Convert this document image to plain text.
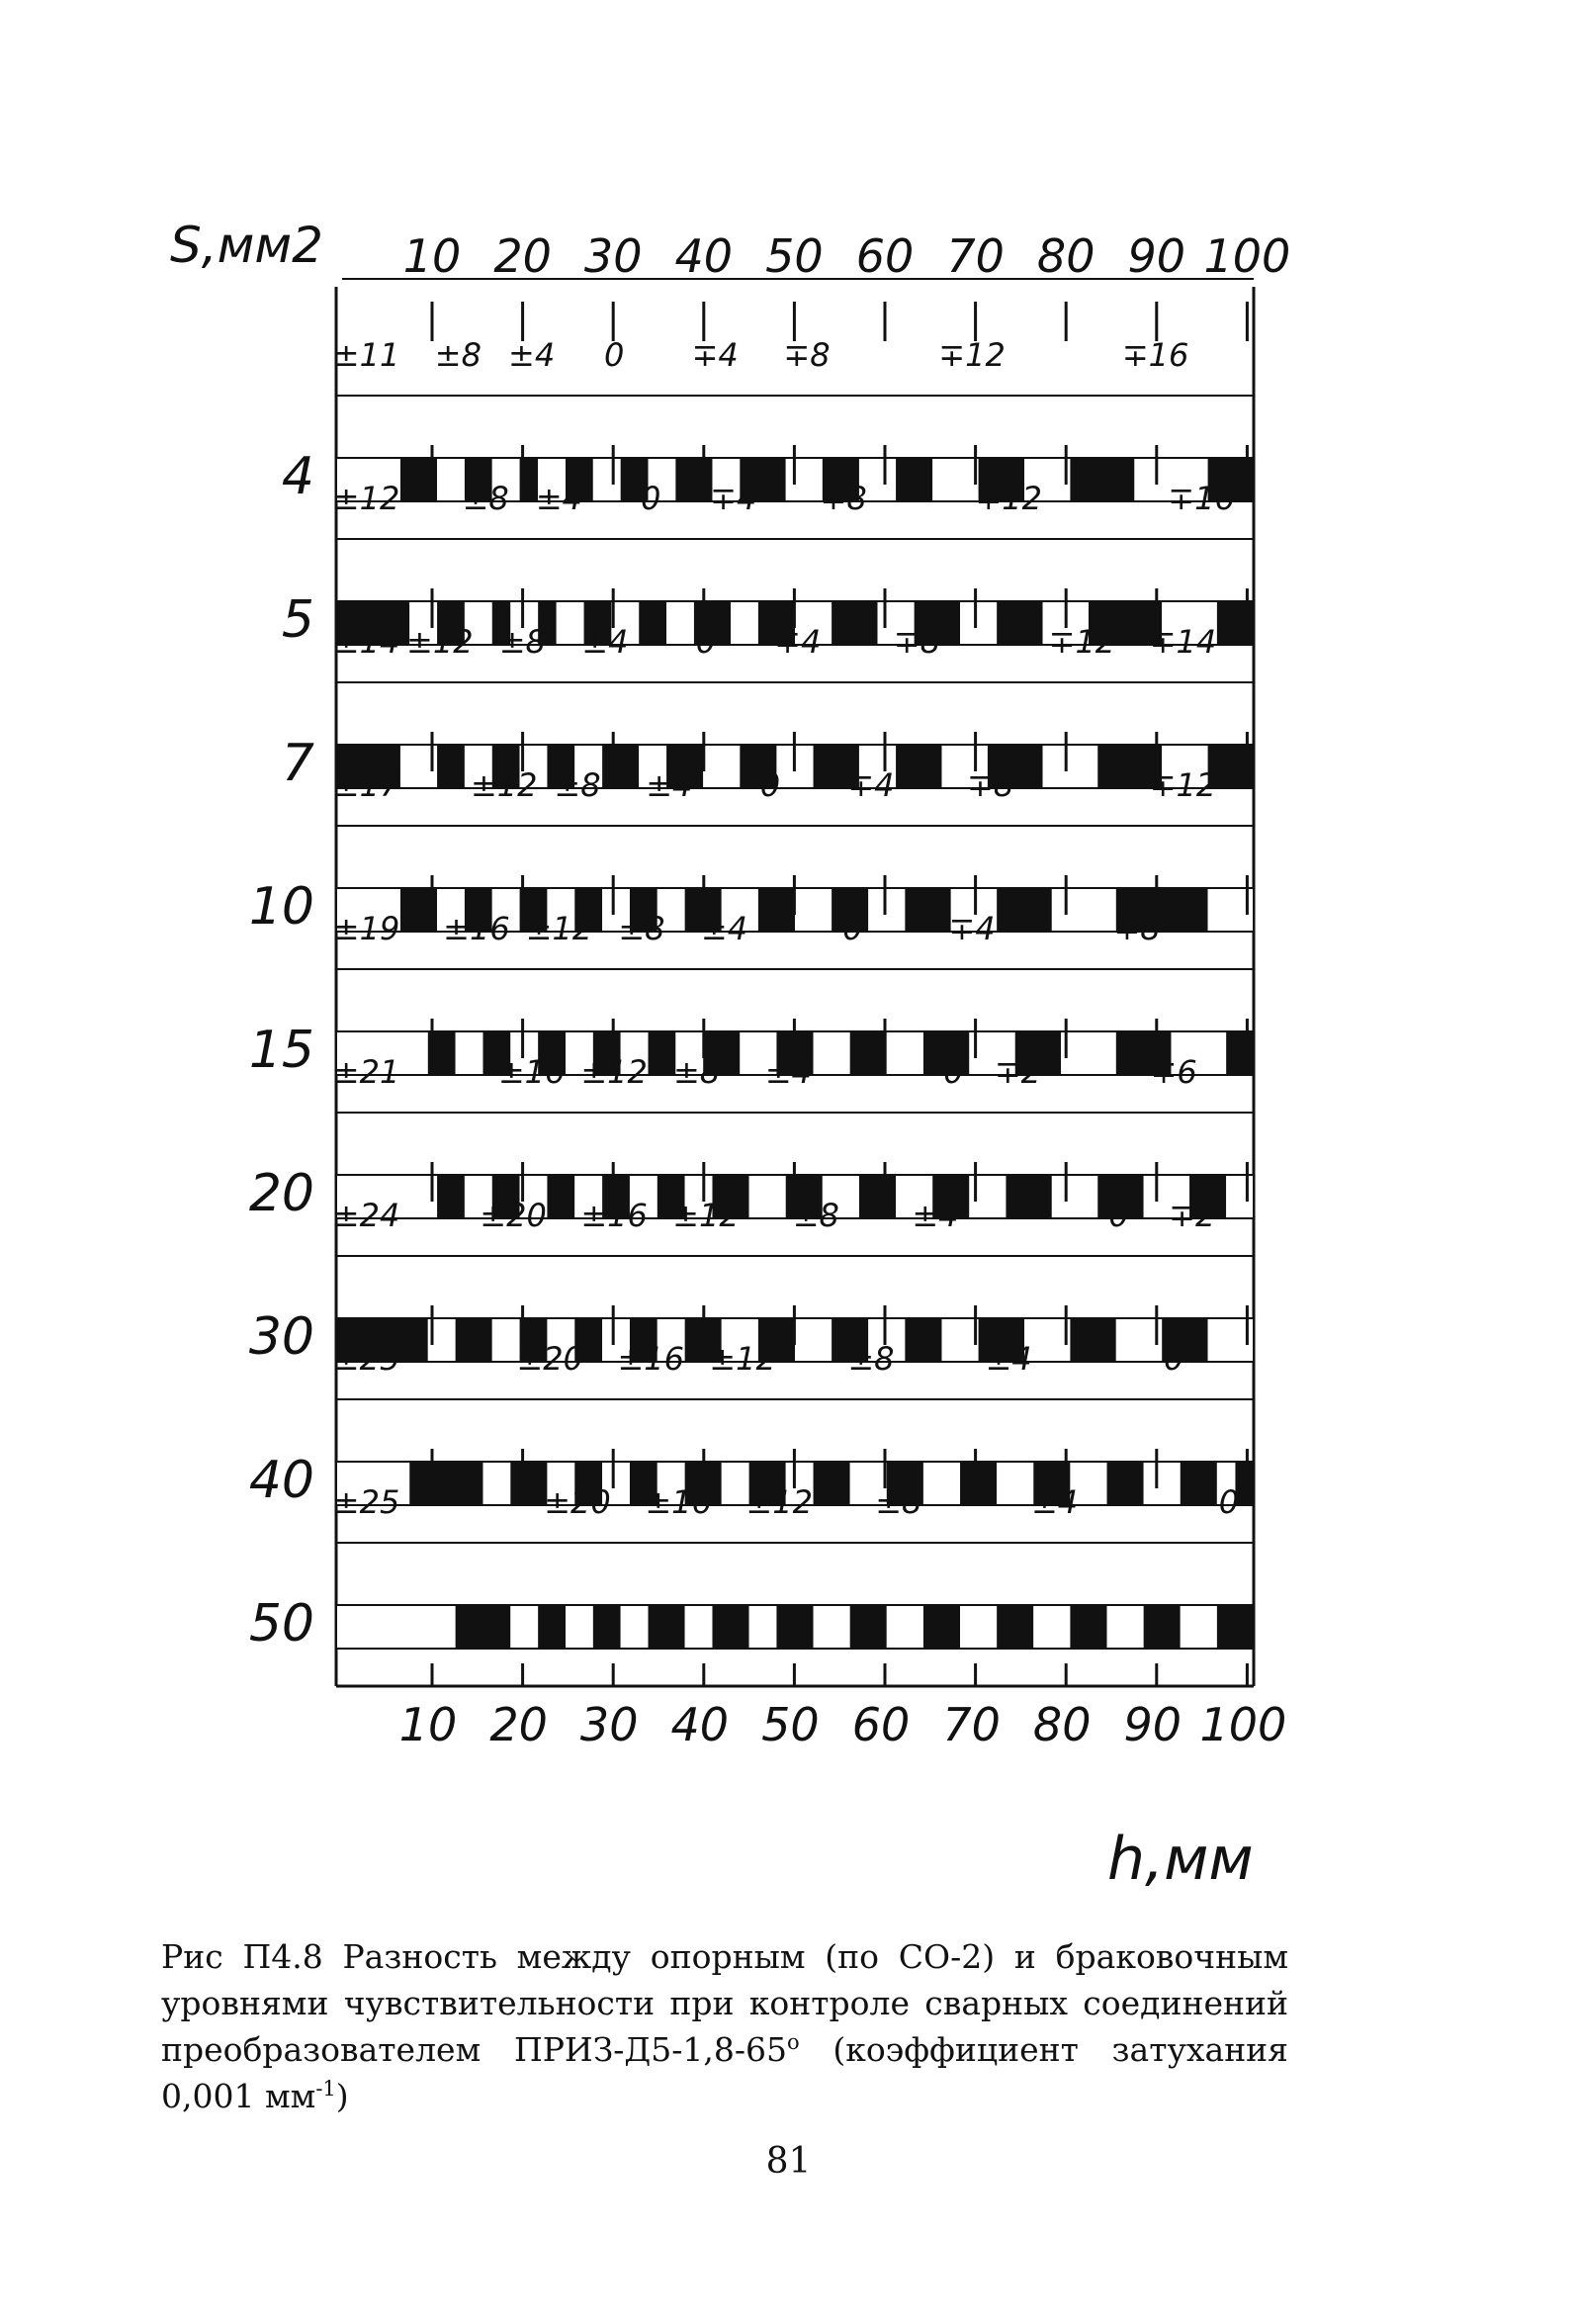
S,мм2
h,мм
10
10
20
20
30
30
40
40
50
50
60
60
70
70
80
80
90
90
100
100
±11 ±8 ±4 0 ∓4 ∓8	∓12	∓16
4 ±12 ±8 ±4 0 ∓4 ∓8	∓12	∓16
5 ±14 ±12 ±8 ±4 0 ∓4 ∓8	∓12 ∓14
7 ±17 ±12 ±8 ±4 0 ∓4 ∓8	∓12
10 ±19 ±16 ±12 ±8 ±4	0	∓4	∓8
15 ±21	±16 ±12 ±8 ±4	0 ∓2	∓6
20 ±24	±20 ±16 ±12 ±8 ±4	0 ∓2
30 ±25	±20 ±16 ±12 ±8	±4	0
40 ±25	±20 ±16 ±12 ±8	±4	0
50

Рис П4.8 Разность между опорным (по СО-2) и браковочным уровнями чувствительности при контроле сварных соединений преобразователем ПРИЗ-Д5-1,8-65$^o$ (коэффициент затухания 0,001 $мм^{-1}$)

81
